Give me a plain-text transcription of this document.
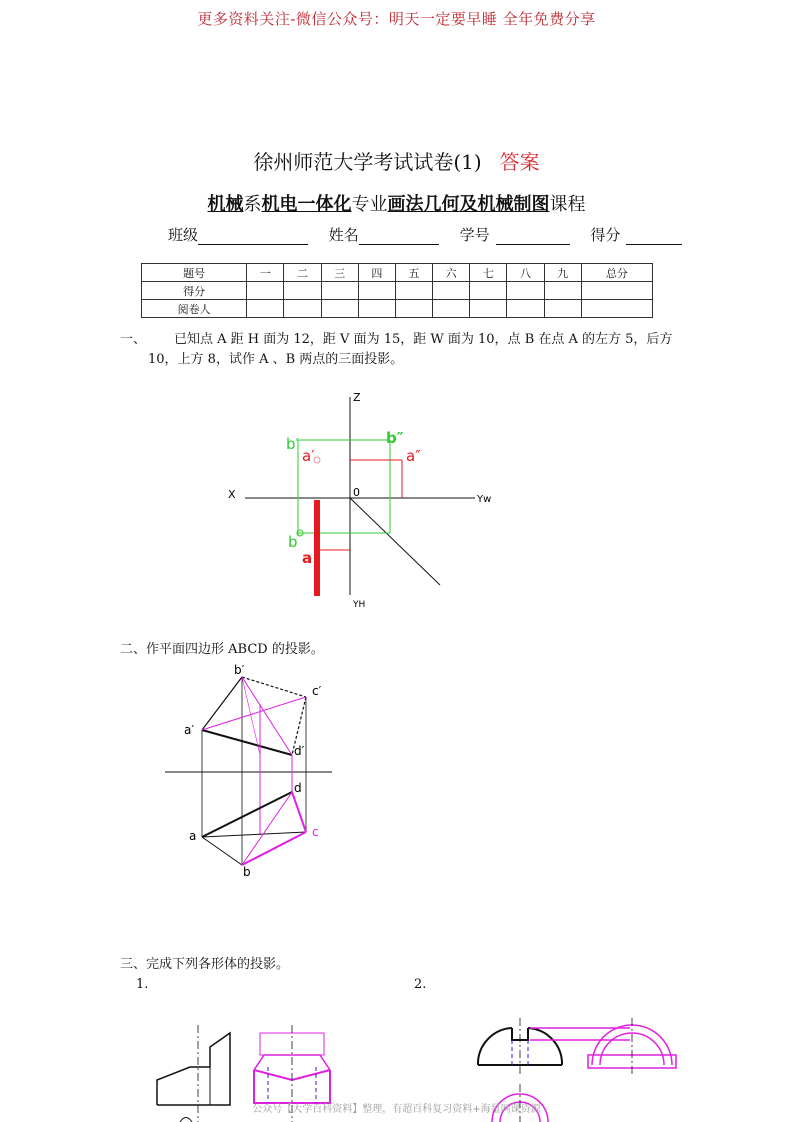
更多资料关注-微信公众号：明天一定要早睡 全年免费分享
徐州师范大学考试试卷(1) 答案
机械系机电一体化专业画法几何及机械制图课程
班级	姓名	学号	得分
题号	一	二	三	四	五	六	七	八	九	总分
得分										
阅卷人										
一、 已知点 A 距 H 面为 12，距 V 面为 15，距 W 面为 10，点 B 在点 A 的左方 5，后方
10，上方 8，试作 A 、B 两点的三面投影。
Z
X	0
Yw
YH
b′	b″
a′	a″
b
a
二、作平面四边形 ABCD 的投影。
b′
c′
a′
d′
d
c
a
b
三、完成下列各形体的投影。
1.	2.
公众号【大学百科资料】整理，有超百科复习资料+海量网课资源
